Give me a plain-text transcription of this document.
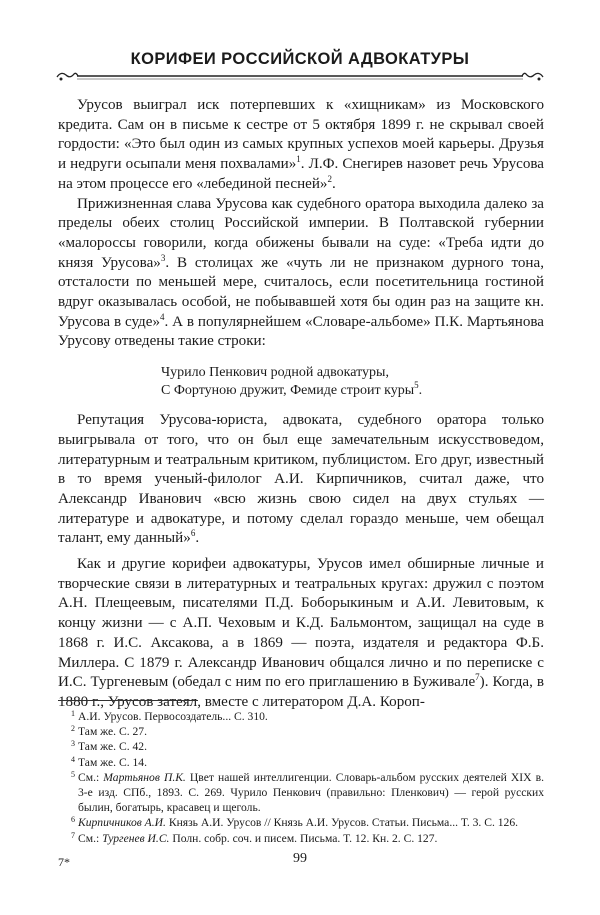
КОРИФЕИ РОССИЙСКОЙ АДВОКАТУРЫ

Урусов выиграл иск потерпевших к «хищникам» из Московского кредита. Сам он в письме к сестре от 5 октября 1899 г. не скрывал своей гордости: «Это был один из самых крупных успехов моей карьеры. Друзья и недруги осыпали меня похвалами»$^1$. Л.Ф. Снегирев назовет речь Урусова на этом процессе его «лебединой песней»$^2$.

Прижизненная слава Урусова как судебного оратора выходила далеко за пределы обеих столиц Российской империи. В Полтавской губернии «малороссы говорили, когда обижены бывали на суде: «Треба идти до князя Урусова»$^3$. В столицах же «чуть ли не признаком дурного тона, отсталости по меньшей мере, считалось, если посетительница гостиной вдруг оказывалась особой, не побывавшей хотя бы один раз на защите кн. Урусова в суде»$^4$. А в популярнейшем «Словаре-альбоме» П.К. Мартьянова Урусову отведены такие строки:

Чурило Пенкович родной адвокатуры,
С Фортуною дружит, Фемиде строит куры$^5$.

Репутация Урусова-юриста, адвоката, судебного оратора только выигрывала от того, что он был еще замечательным искусствоведом, литературным и театральным критиком, публицистом. Его друг, известный в то время ученый-филолог А.И. Кирпичников, считал даже, что Александр Иванович «всю жизнь свою сидел на двух стульях — литературе и адвокатуре, и потому сделал гораздо меньше, чем обещал талант, ему данный»$^6$.

Как и другие корифеи адвокатуры, Урусов имел обширные личные и творческие связи в литературных и театральных кругах: дружил с поэтом А.Н. Плещеевым, писателями П.Д. Боборыкиным и А.И. Левитовым, к концу жизни — с А.П. Чеховым и К.Д. Бальмонтом, защищал на суде в 1868 г. И.С. Аксакова, а в 1869 — поэта, издателя и редактора Ф.Б. Миллера. С 1879 г. Александр Иванович общался лично и по переписке с И.С. Тургеневым (обедал с ним по его приглашению в Буживале$^7$). Когда, в 1880 г., Урусов затеял, вместе с литератором Д.А. Короп-

$^1$ А.И. Урусов. Первосоздатель... С. 310.
$^2$ Там же. С. 27.
$^3$ Там же. С. 42.
$^4$ Там же. С. 14.
$^5$ См.: Мартьянов П.К. Цвет нашей интеллигенции. Словарь-альбом русских деятелей XIX в. 3-е изд. СПб., 1893. С. 269. Чурило Пенкович (правильно: Пленкович) — герой русских былин, богатырь, красавец и щеголь.
$^6$ Кирпичников А.И. Князь А.И. Урусов // Князь А.И. Урусов. Статьи. Письма... Т. 3. С. 126.
$^7$ См.: Тургенев И.С. Полн. собр. соч. и писем. Письма. Т. 12. Кн. 2. С. 127.
7*	99
